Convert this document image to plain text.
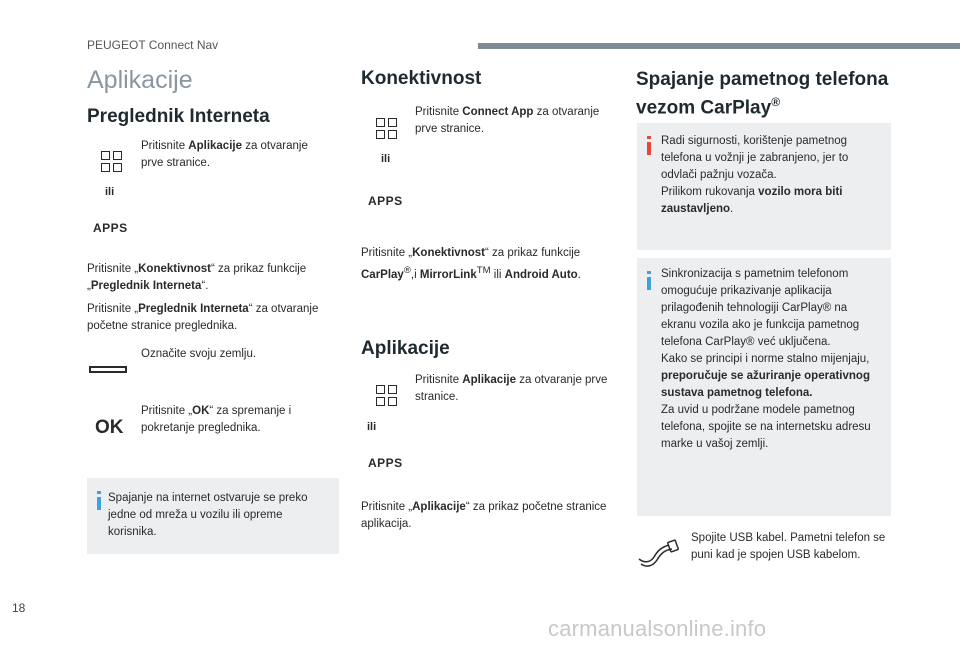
PEUGEOT Connect Nav
Aplikacije
Preglednik Interneta
Pritisnite Aplikacije za otvaranje prve stranice.
ili
APPS
Pritisnite „Konektivnost“ za prikaz funkcije „Preglednik Interneta“.
Pritisnite „Preglednik Interneta“ za otvaranje početne stranice preglednika.
Označite svoju zemlju.
OK
Pritisnite „OK“ za spremanje i pokretanje preglednika.
Spajanje na internet ostvaruje se preko jedne od mreža u vozilu ili opreme korisnika.
Konektivnost
Pritisnite Connect App za otvaranje prve stranice.
ili
APPS
Pritisnite „Konektivnost“ za prikaz funkcije CarPlay®,i MirrorLink™ ili Android Auto.
Aplikacije
Pritisnite Aplikacije za otvaranje prve stranice.
ili
APPS
Pritisnite „Aplikacije“ za prikaz početne stranice aplikacija.
Spajanje pametnog telefona
vezom CarPlay®
Radi sigurnosti, korištenje pametnog telefona u vožnji je zabranjeno, jer to odvlači pažnju vozača.
Prilikom rukovanja vozilo mora biti zaustavljeno.
Sinkronizacija s pametnim telefonom omogućuje prikazivanje aplikacija prilagođenih tehnologiji CarPlay® na ekranu vozila ako je funkcija pametnog telefona CarPlay® već uključena.
Kako se principi i norme stalno mijenjaju, preporučuje se ažuriranje operativnog sustava pametnog telefona.
Za uvid u podržane modele pametnog telefona, spojite se na internetsku adresu marke u vašoj zemlji.
Spojite USB kabel. Pametni telefon se puni kad je spojen USB kabelom.
18
carmanualsonline.info
